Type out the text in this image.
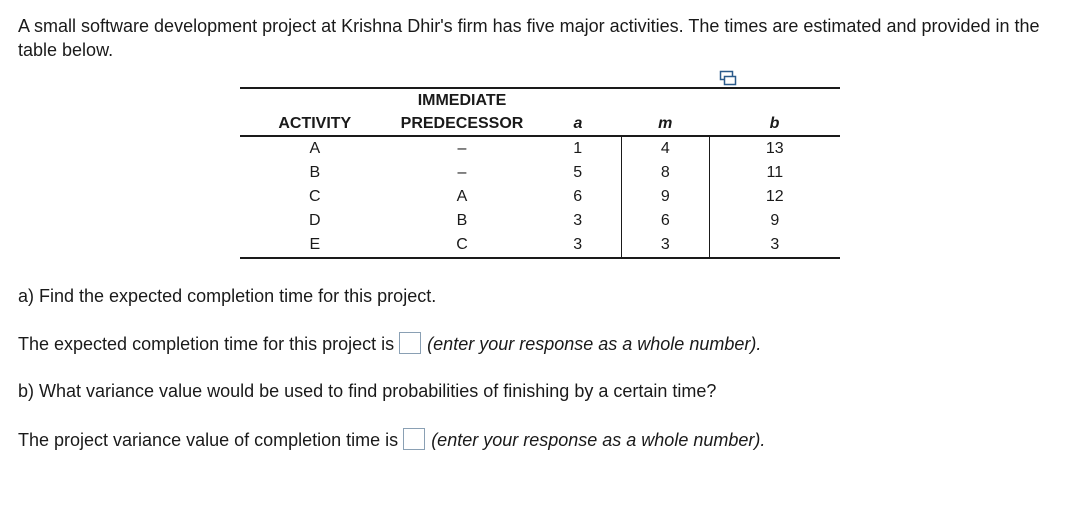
A small software development project at Krishna Dhir's firm has five major activities. The times are estimated and provided in the table below.

	IMMEDIATE			
ACTIVITY	PREDECESSOR	a	m	b
A	–	1	4	13
B	–	5	8	11
C	A	6	9	12
D	B	3	6	9
E	C	3	3	3

a) Find the expected completion time for this project.

The expected completion time for this project is (enter your response as a whole number).

b) What variance value would be used to find probabilities of finishing by a certain time?

The project variance value of completion time is (enter your response as a whole number).
